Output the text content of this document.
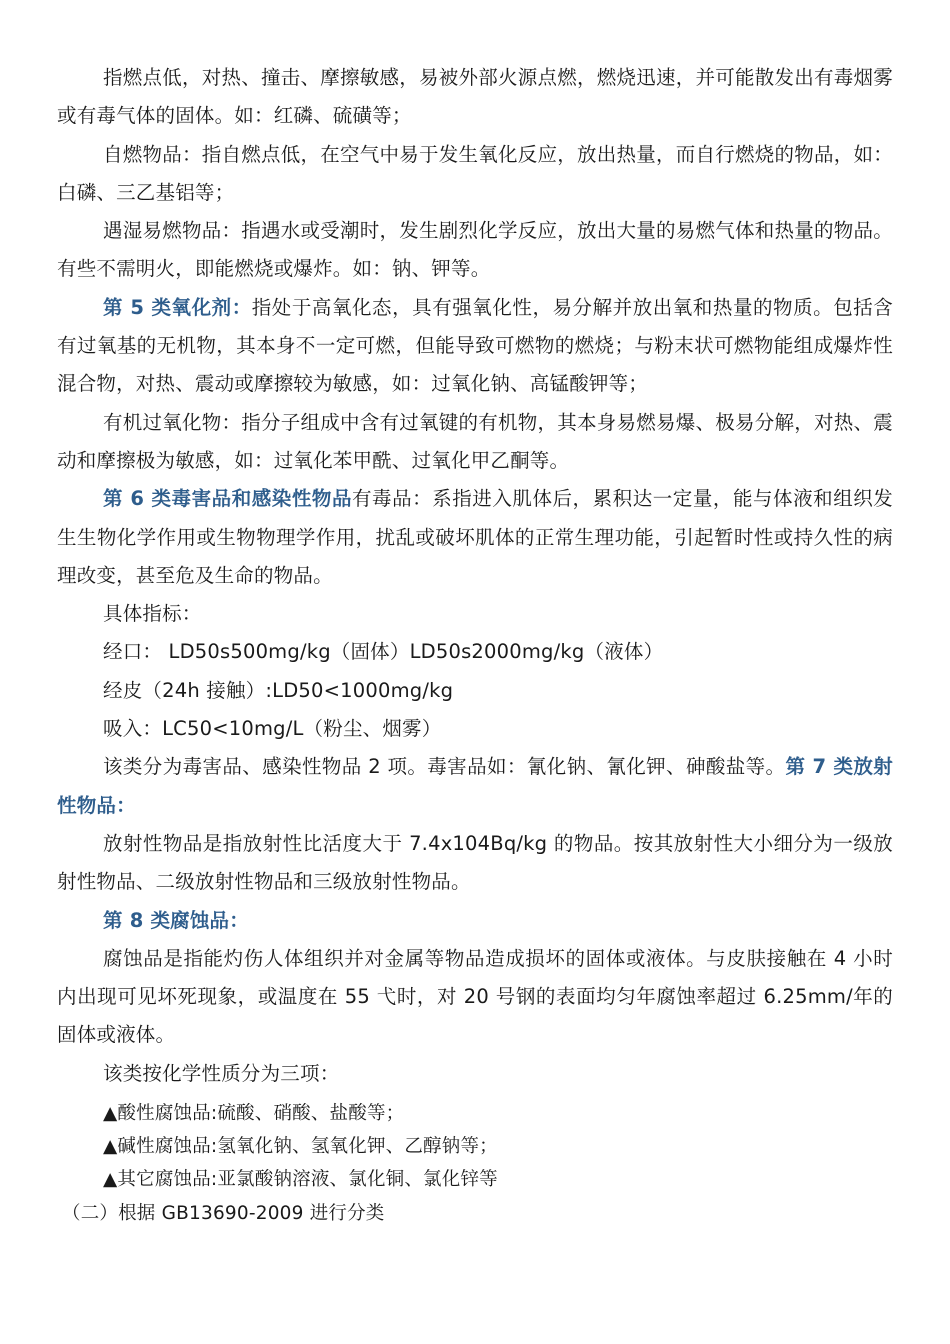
指燃点低，对热、撞击、摩擦敏感，易被外部火源点燃，燃烧迅速，并可能散发出有毒烟雾或有毒气体的固体。如：红磷、硫磺等；

自燃物品：指自燃点低，在空气中易于发生氧化反应，放出热量，而自行燃烧的物品，如：白磷、三乙基铝等；

遇湿易燃物品：指遇水或受潮时，发生剧烈化学反应，放出大量的易燃气体和热量的物品。有些不需明火，即能燃烧或爆炸。如：钠、钾等。

第 5 类氧化剂：指处于高氧化态，具有强氧化性，易分解并放出氧和热量的物质。包括含有过氧基的无机物，其本身不一定可燃，但能导致可燃物的燃烧；与粉末状可燃物能组成爆炸性混合物，对热、震动或摩擦较为敏感，如：过氧化钠、高锰酸钾等；

有机过氧化物：指分子组成中含有过氧键的有机物，其本身易燃易爆、极易分解，对热、震动和摩擦极为敏感，如：过氧化苯甲酰、过氧化甲乙酮等。

第 6 类毒害品和感染性物品有毒品：系指进入肌体后，累积达一定量，能与体液和组织发生生物化学作用或生物物理学作用，扰乱或破坏肌体的正常生理功能，引起暂时性或持久性的病理改变，甚至危及生命的物品。

具体指标：

经口： LD50s500mg/kg（固体）LD50s2000mg/kg（液体）

经皮（24h 接触）:LD50<1000mg/kg

吸入：LC50<10mg/L（粉尘、烟雾）

该类分为毒害品、感染性物品 2 项。毒害品如：氰化钠、氰化钾、砷酸盐等。第 7 类放射性物品：

放射性物品是指放射性比活度大于 7.4x104Bq/kg 的物品。按其放射性大小细分为一级放射性物品、二级放射性物品和三级放射性物品。

第 8 类腐蚀品：

腐蚀品是指能灼伤人体组织并对金属等物品造成损坏的固体或液体。与皮肤接触在 4 小时内出现可见坏死现象，或温度在 55 弋时，对 20 号钢的表面均匀年腐蚀率超过 6.25mm/年的固体或液体。

该类按化学性质分为三项：

▲酸性腐蚀品:硫酸、硝酸、盐酸等；

▲碱性腐蚀品:氢氧化钠、氢氧化钾、乙醇钠等；

▲其它腐蚀品:亚氯酸钠溶液、氯化铜、氯化锌等

（二）根据 GB13690-2009 进行分类
